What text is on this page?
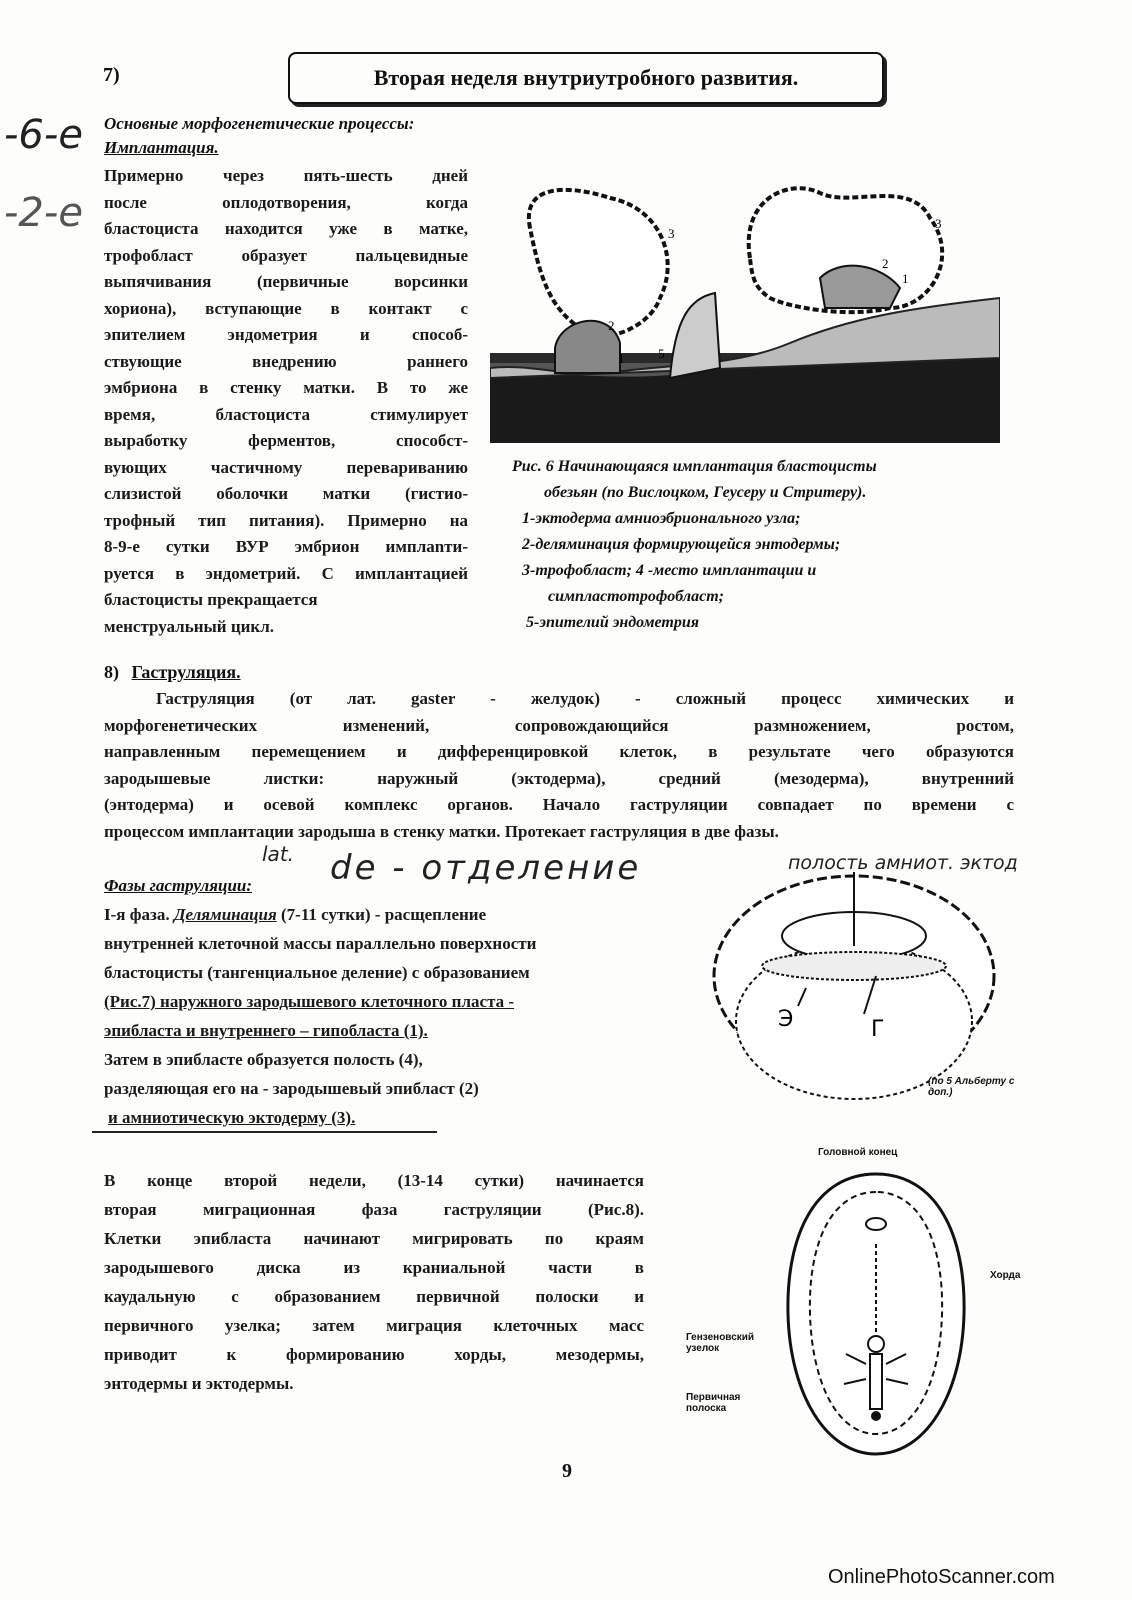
7)	Вторая неделя внутриутробного развития.
-6-е
-2-е
Основные морфогенетические процессы:
Имплантация.
Примерно через пять-шесть дней
после оплодотворения, когда
бластоциста находится уже в матке,
трофобласт образует пальцевидные
выпячивания (первичные ворсинки
хориона), вступающие в контакт с
эпителием эндометрия и способ-
ствующие внедрению раннего
эмбриона в стенку матки. В то же
время, бластоциста стимулирует
выработку ферментов, способст-
вующих частичному перевариванию
слизистой оболочки матки (гистио-
трофный тип питания). Примерно на
8-9-е сутки ВУР эмбрион имплanти-
руется в эндометрий. С имплантацией
бластоцисты прекращается
менструальный цикл.
3
2
1	5
3
2
1
Рис. 6 Начинающаяся имплантация бластоцисты
обезьян (по Вислоцком, Геусеру и Стритеру).
1-эктодерма амниоэбрионального узла;
2-деляминация формирующейся энтодермы;
3-трофобласт; 4 -место имплантации и
симпластотрофобласт;
5-эпителий эндометрия
8) Гаструляция.
Гаструляция (от лат. gaster - желудок) - сложный процесс химических и
морфогенетических изменений, сопровождающийся размножением, ростом,
направленным перемещением и дифференцировкой клеток, в результате чего образуются
зародышевые листки: наружный (эктодерма), средний (мезодерма), внутренний
(энтодерма) и осевой комплекс органов. Начало гаструляции совпадает по времени с
процессом имплантации зародыша в стенку матки. Протекает гаструляция в две фазы.
lat. de - отделение	полость амниот. эктод
Фазы гаструляции:
I-я фаза. Деляминация (7-11 сутки) - расщепление
внутренней клеточной массы параллельно поверхности
бластоцисты (тангенциальное деление) с образованием
(Рис.7) наружного зародышевого клеточного пласта -
эпибласта и внутреннего – гипобласта (1).
Затем в эпибласте образуется полость (4),
разделяющая его на - зародышевый эпибласт (2)
и амниотическую эктодерму (3).
Э	Г
(по 5 Альберту с доп.)
В конце второй недели, (13-14 сутки) начинается
вторая миграционная фаза гаструляции (Рис.8).
Клетки эпибласта начинают мигрировать по краям
зародышевого диска из краниальной части в
каудальную с образованием первичной полоски и
первичного узелка; затем миграция клеточных масс
приводит к формированию хорды, мезодермы,
энтодермы и эктодермы.
Головной конец
Хорда
Гензеновский
узелок
Первичная
полоска
9
OnlinePhotoScanner.com
